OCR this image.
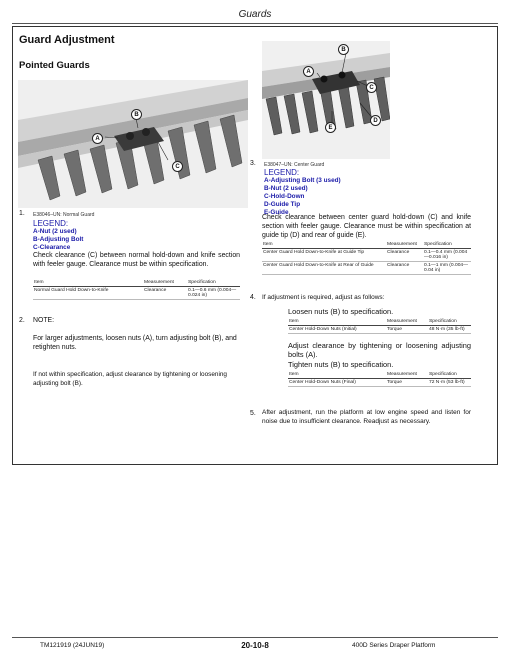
Guards
Guard Adjustment
Pointed Guards
A
B
C
1. E38046–UN: Normal Guard
LEGEND:
A-Nut (2 used)
B-Adjusting Bolt
C-Clearance
Check clearance (C) between normal hold-down and knife section with feeler gauge. Clearance must be within specification.
Item	Measurement	Specification
Normal Guard Hold Down-to-Knife	Clearance	0.1—0.6 mm (0.004—0.024 in)
2. NOTE:
For larger adjustments, loosen nuts (A), turn adjusting bolt (B), and retighten nuts.
If not within specification, adjust clearance by tightening or loosening adjusting bolt (B).
A
B
C
D
E
3. E38047–UN: Center Guard
LEGEND:
A-Adjusting Bolt (3 used)
B-Nut (2 used)
C-Hold-Down
D-Guide Tip
E-Guide
Check clearance between center guard hold-down (C) and knife section with feeler gauge. Clearance must be within specification at guide tip (D) and rear of guide (E).
Item	Measurement	Specification
Center Guard Hold Down-to-Knife at Guide Tip	Clearance	0.1—0.4 mm (0.004—0.016 in)
Center Guard Hold Down-to-Knife at Rear of Guide	Clearance	0.1—1 mm (0.004—0.04 in)
4. If adjustment is required, adjust as follows:
Loosen nuts (B) to specification.
Item	Measurement	Specification
Center Hold-Down Nuts (Initial)	Torque	48 N·m (35 lb-ft)
Adjust clearance by tightening or loosening adjusting bolts (A).
Tighten nuts (B) to specification.
Item	Measurement	Specification
Center Hold-Down Nuts (Final)	Torque	72 N·m (53 lb-ft)
5. After adjustment, run the platform at low engine speed and listen for noise due to insufficient clearance. Readjust as necessary.
TM121919 (24JUN19)	20-10-8	400D Series Draper Platform
